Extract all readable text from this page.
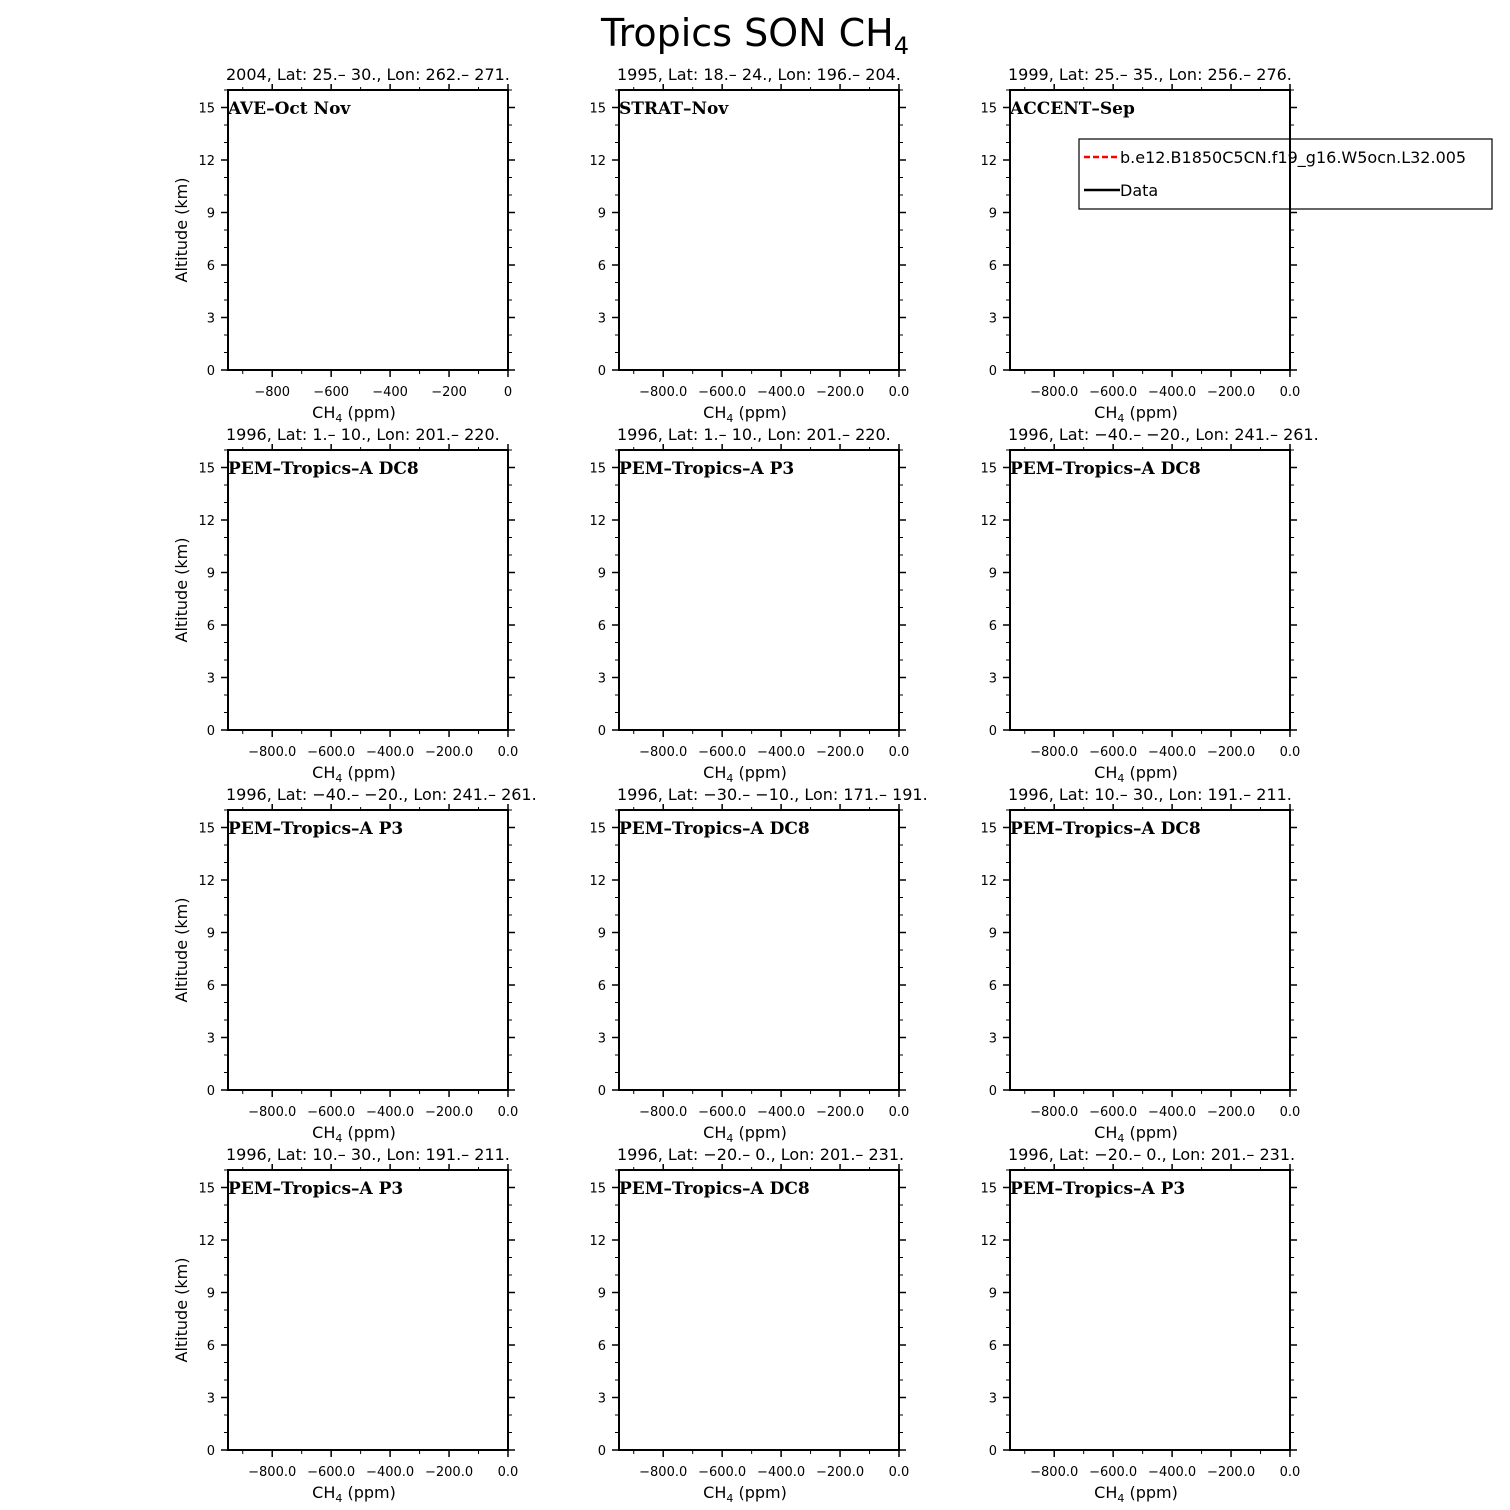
Tropics SON $CH_4$
−800 −600 −400 −200	0
0
3
6
9
12
15
2004, Lat: 25.– 30., Lon: 262.– 271.
AVE–Oct Nov
$CH_4$ (ppm)
Altitude (km)
−800.0 −600.0 −400.0 −200.0 0.0
0
3
6
9
12
15
1995, Lat: 18.– 24., Lon: 196.– 204.
STRAT–Nov
$CH_4$ (ppm)
−800.0 −600.0 −400.0 −200.0 0.0
0
3
6
9
12
15
1999, Lat: 25.– 35., Lon: 256.– 276.
ACCENT–Sep
$CH_4$ (ppm)
−800.0 −600.0 −400.0 −200.0 0.0
0
3
6
9
12
15
1996, Lat: 1.– 10., Lon: 201.– 220.
PEM–Tropics–A DC8
$CH_4$ (ppm)
Altitude (km)
−800.0 −600.0 −400.0 −200.0 0.0
0
3
6
9
12
15
1996, Lat: 1.– 10., Lon: 201.– 220.
PEM–Tropics–A P3
$CH_4$ (ppm)
−800.0 −600.0 −400.0 −200.0 0.0
0
3
6
9
12
15
1996, Lat: −40.– −20., Lon: 241.– 261.
PEM–Tropics–A DC8
$CH_4$ (ppm)
−800.0 −600.0 −400.0 −200.0 0.0
0
3
6
9
12
15
1996, Lat: −40.– −20., Lon: 241.– 261.
PEM–Tropics–A P3
$CH_4$ (ppm)
Altitude (km)
−800.0 −600.0 −400.0 −200.0 0.0
0
3
6
9
12
15
1996, Lat: −30.– −10., Lon: 171.– 191.
PEM–Tropics–A DC8
$CH_4$ (ppm)
−800.0 −600.0 −400.0 −200.0 0.0
0
3
6
9
12
15
1996, Lat: 10.– 30., Lon: 191.– 211.
PEM–Tropics–A DC8
$CH_4$ (ppm)
−800.0 −600.0 −400.0 −200.0 0.0
0
3
6
9
12
15
1996, Lat: 10.– 30., Lon: 191.– 211.
PEM–Tropics–A P3
$CH_4$ (ppm)
Altitude (km)
−800.0 −600.0 −400.0 −200.0 0.0
0
3
6
9
12
15
1996, Lat: −20.– 0., Lon: 201.– 231.
PEM–Tropics–A DC8
$CH_4$ (ppm)
−800.0 −600.0 −400.0 −200.0 0.0
0
3
6
9
12
15
1996, Lat: −20.– 0., Lon: 201.– 231.
PEM–Tropics–A P3
$CH_4$ (ppm)
b.e12.B1850C5CN.f19_g16.W5ocn.L32.005
Data
